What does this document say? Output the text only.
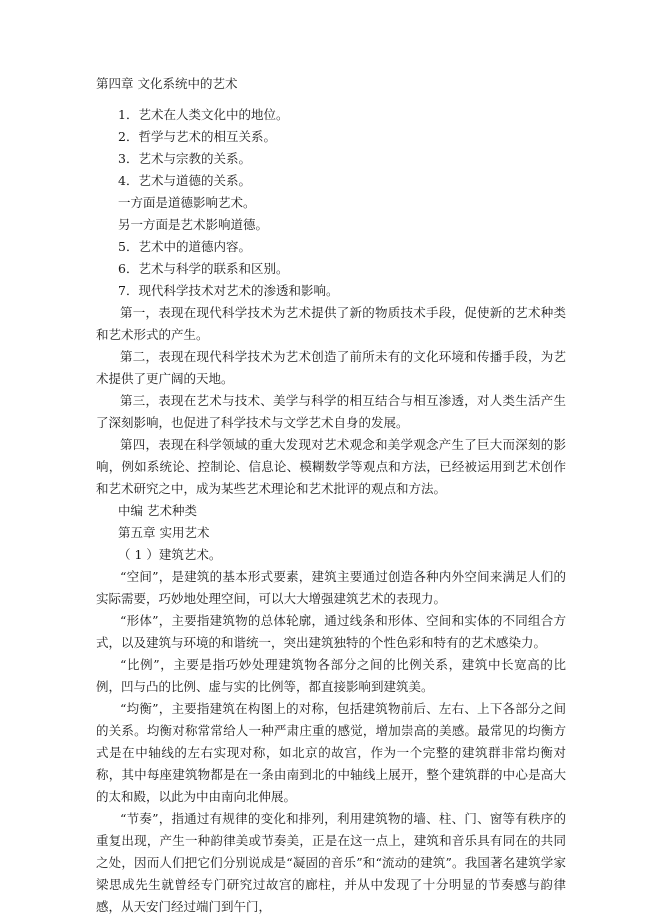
第四章 文化系统中的艺术

1．艺术在人类文化中的地位。

2．哲学与艺术的相互关系。

3．艺术与宗教的关系。

4．艺术与道德的关系。

一方面是道德影响艺术。

另一方面是艺术影响道德。

5．艺术中的道德内容。

6．艺术与科学的联系和区别。

7．现代科学技术对艺术的渗透和影响。

第一，表现在现代科学技术为艺术提供了新的物质技术手段，促使新的艺术种类和艺术形式的产生。

第二，表现在现代科学技术为艺术创造了前所未有的文化环境和传播手段，为艺术提供了更广阔的天地。

第三，表现在艺术与技术、美学与科学的相互结合与相互渗透，对人类生活产生了深刻影响，也促进了科学技术与文学艺术自身的发展。

第四，表现在科学领域的重大发现对艺术观念和美学观念产生了巨大而深刻的影响，例如系统论、控制论、信息论、模糊数学等观点和方法，已经被运用到艺术创作和艺术研究之中，成为某些艺术理论和艺术批评的观点和方法。

中编 艺术种类

第五章 实用艺术

（ 1 ）建筑艺术。

“空间”，是建筑的基本形式要素，建筑主要通过创造各种内外空间来满足人们的实际需要，巧妙地处理空间，可以大大增强建筑艺术的表现力。

“形体”，主要指建筑物的总体轮廓，通过线条和形体、空间和实体的不同组合方式，以及建筑与环境的和谐统一，突出建筑独特的个性色彩和特有的艺术感染力。

“比例”，主要是指巧妙处理建筑物各部分之间的比例关系，建筑中长宽高的比例，凹与凸的比例、虚与实的比例等，都直接影响到建筑美。

“均衡”，主要指建筑在构图上的对称，包括建筑物前后、左右、上下各部分之间的关系。均衡对称常常给人一种严肃庄重的感觉，增加崇高的美感。最常见的均衡方式是在中轴线的左右实现对称，如北京的故宫，作为一个完整的建筑群非常均衡对称，其中每座建筑物都是在一条由南到北的中轴线上展开，整个建筑群的中心是高大的太和殿，以此为中由南向北伸展。

“节奏”，指通过有规律的变化和排列，利用建筑物的墙、柱、门、窗等有秩序的重复出现，产生一种韵律美或节奏美，正是在这一点上，建筑和音乐具有同在的共同之处，因而人们把它们分别说成是“凝固的音乐”和“流动的建筑”。我国著名建筑学家梁思成先生就曾经专门研究过故宫的廊柱，并从中发现了十分明显的节奏感与韵律感，从天安门经过端门到午门，
